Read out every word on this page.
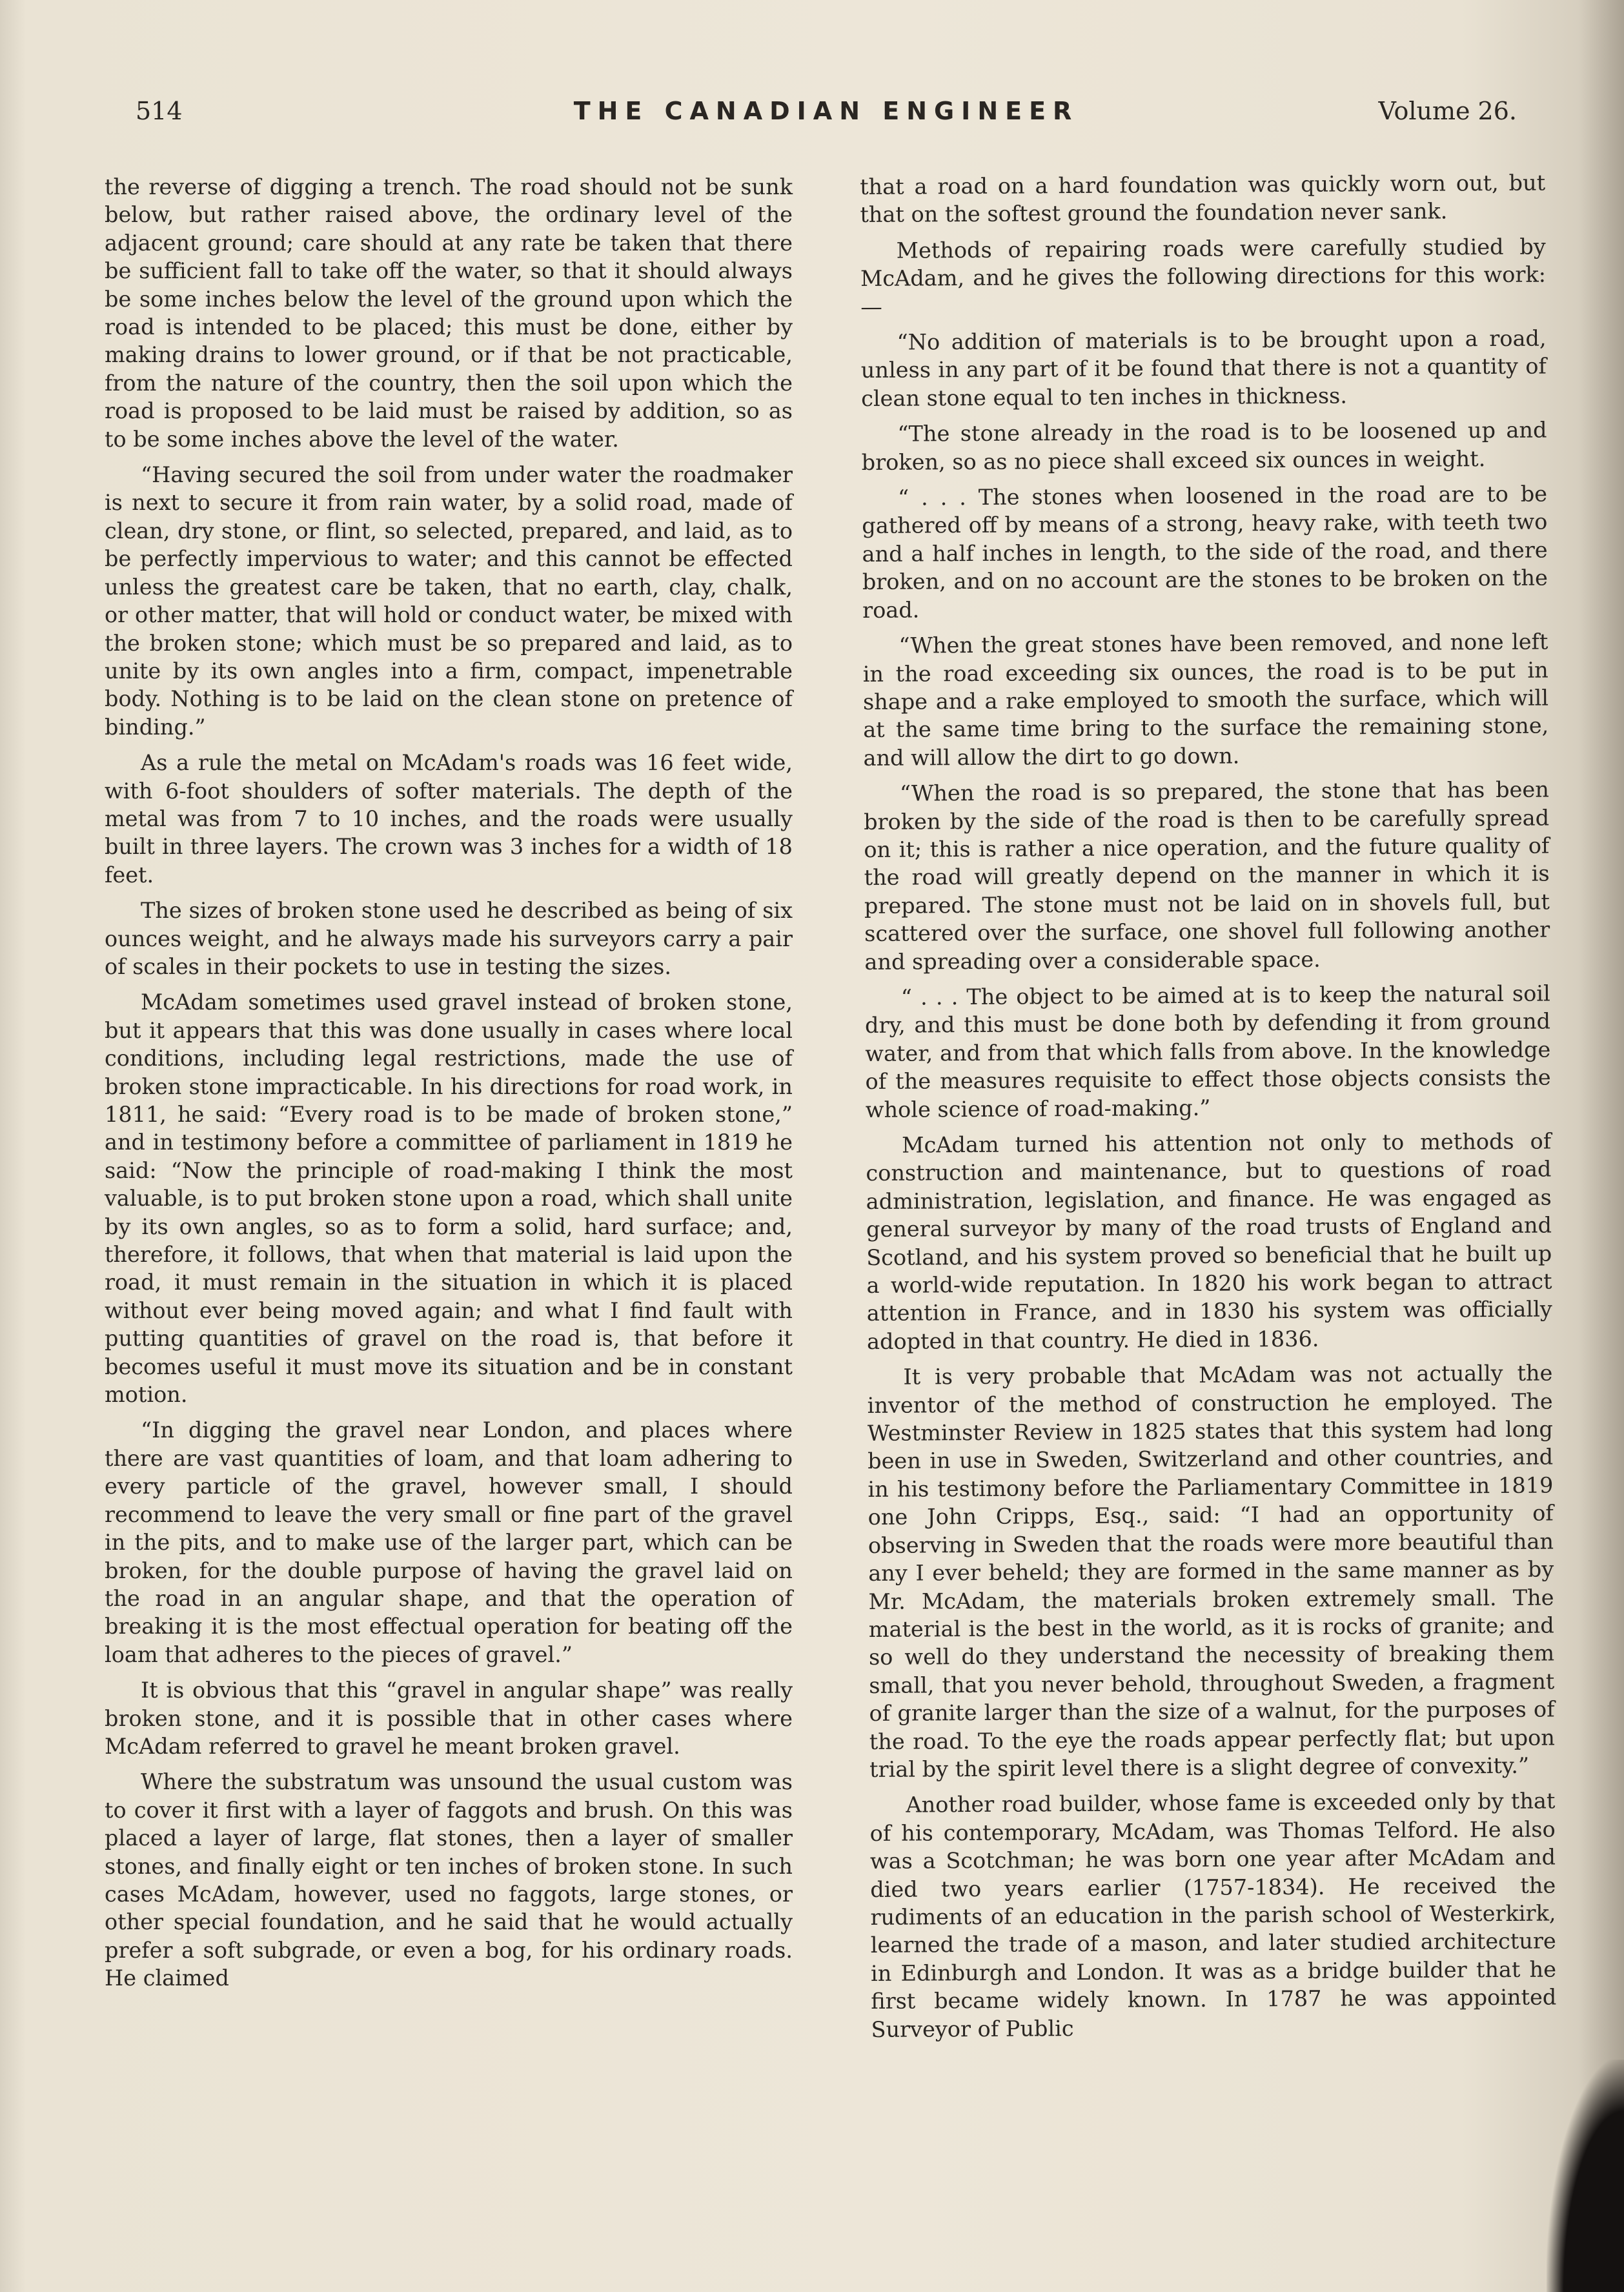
514	THE CANADIAN ENGINEER	Volume 26.

the reverse of digging a trench. The road should not be sunk below, but rather raised above, the ordinary level of the adjacent ground; care should at any rate be taken that there be sufficient fall to take off the water, so that it should always be some inches below the level of the ground upon which the road is intended to be placed; this must be done, either by making drains to lower ground, or if that be not practicable, from the nature of the country, then the soil upon which the road is proposed to be laid must be raised by addition, so as to be some inches above the level of the water.

“Having secured the soil from under water the roadmaker is next to secure it from rain water, by a solid road, made of clean, dry stone, or flint, so selected, prepared, and laid, as to be perfectly impervious to water; and this cannot be effected unless the greatest care be taken, that no earth, clay, chalk, or other matter, that will hold or conduct water, be mixed with the broken stone; which must be so prepared and laid, as to unite by its own angles into a firm, compact, impenetrable body. Nothing is to be laid on the clean stone on pretence of binding.”

As a rule the metal on McAdam's roads was 16 feet wide, with 6-foot shoulders of softer materials. The depth of the metal was from 7 to 10 inches, and the roads were usually built in three layers. The crown was 3 inches for a width of 18 feet.

The sizes of broken stone used he described as being of six ounces weight, and he always made his surveyors carry a pair of scales in their pockets to use in testing the sizes.

McAdam sometimes used gravel instead of broken stone, but it appears that this was done usually in cases where local conditions, including legal restrictions, made the use of broken stone impracticable. In his directions for road work, in 1811, he said: “Every road is to be made of broken stone,” and in testimony before a committee of parliament in 1819 he said: “Now the principle of road-making I think the most valuable, is to put broken stone upon a road, which shall unite by its own angles, so as to form a solid, hard surface; and, therefore, it follows, that when that material is laid upon the road, it must remain in the situation in which it is placed without ever being moved again; and what I find fault with putting quantities of gravel on the road is, that before it becomes useful it must move its situation and be in constant motion.

“In digging the gravel near London, and places where there are vast quantities of loam, and that loam adhering to every particle of the gravel, however small, I should recommend to leave the very small or fine part of the gravel in the pits, and to make use of the larger part, which can be broken, for the double purpose of having the gravel laid on the road in an angular shape, and that the operation of breaking it is the most effectual operation for beating off the loam that adheres to the pieces of gravel.”

It is obvious that this “gravel in angular shape” was really broken stone, and it is possible that in other cases where McAdam referred to gravel he meant broken gravel.

Where the substratum was unsound the usual custom was to cover it first with a layer of faggots and brush. On this was placed a layer of large, flat stones, then a layer of smaller stones, and finally eight or ten inches of broken stone. In such cases McAdam, however, used no faggots, large stones, or other special foundation, and he said that he would actually prefer a soft subgrade, or even a bog, for his ordinary roads. He claimed

that a road on a hard foundation was quickly worn out, but that on the softest ground the foundation never sank.

Methods of repairing roads were carefully studied by McAdam, and he gives the following directions for this work:—

“No addition of materials is to be brought upon a road, unless in any part of it be found that there is not a quantity of clean stone equal to ten inches in thickness.

“The stone already in the road is to be loosened up and broken, so as no piece shall exceed six ounces in weight.

“ . . . The stones when loosened in the road are to be gathered off by means of a strong, heavy rake, with teeth two and a half inches in length, to the side of the road, and there broken, and on no account are the stones to be broken on the road.

“When the great stones have been removed, and none left in the road exceeding six ounces, the road is to be put in shape and a rake employed to smooth the surface, which will at the same time bring to the surface the remaining stone, and will allow the dirt to go down.

“When the road is so prepared, the stone that has been broken by the side of the road is then to be carefully spread on it; this is rather a nice operation, and the future quality of the road will greatly depend on the manner in which it is prepared. The stone must not be laid on in shovels full, but scattered over the surface, one shovel full following another and spreading over a considerable space.

“ . . . The object to be aimed at is to keep the natural soil dry, and this must be done both by defending it from ground water, and from that which falls from above. In the knowledge of the measures requisite to effect those objects consists the whole science of road-making.”

McAdam turned his attention not only to methods of construction and maintenance, but to questions of road administration, legislation, and finance. He was engaged as general surveyor by many of the road trusts of England and Scotland, and his system proved so beneficial that he built up a world-wide reputation. In 1820 his work began to attract attention in France, and in 1830 his system was officially adopted in that country. He died in 1836.

It is very probable that McAdam was not actually the inventor of the method of construction he employed. The Westminster Review in 1825 states that this system had long been in use in Sweden, Switzerland and other countries, and in his testimony before the Parliamentary Committee in 1819 one John Cripps, Esq., said: “I had an opportunity of observing in Sweden that the roads were more beautiful than any I ever beheld; they are formed in the same manner as by Mr. McAdam, the materials broken extremely small. The material is the best in the world, as it is rocks of granite; and so well do they understand the necessity of breaking them small, that you never behold, throughout Sweden, a fragment of granite larger than the size of a walnut, for the purposes of the road. To the eye the roads appear perfectly flat; but upon trial by the spirit level there is a slight degree of convexity.”

Another road builder, whose fame is exceeded only by that of his contemporary, McAdam, was Thomas Telford. He also was a Scotchman; he was born one year after McAdam and died two years earlier (1757-1834). He received the rudiments of an education in the parish school of Westerkirk, learned the trade of a mason, and later studied architecture in Edinburgh and London. It was as a bridge builder that he first became widely known. In 1787 he was appointed Surveyor of Public
